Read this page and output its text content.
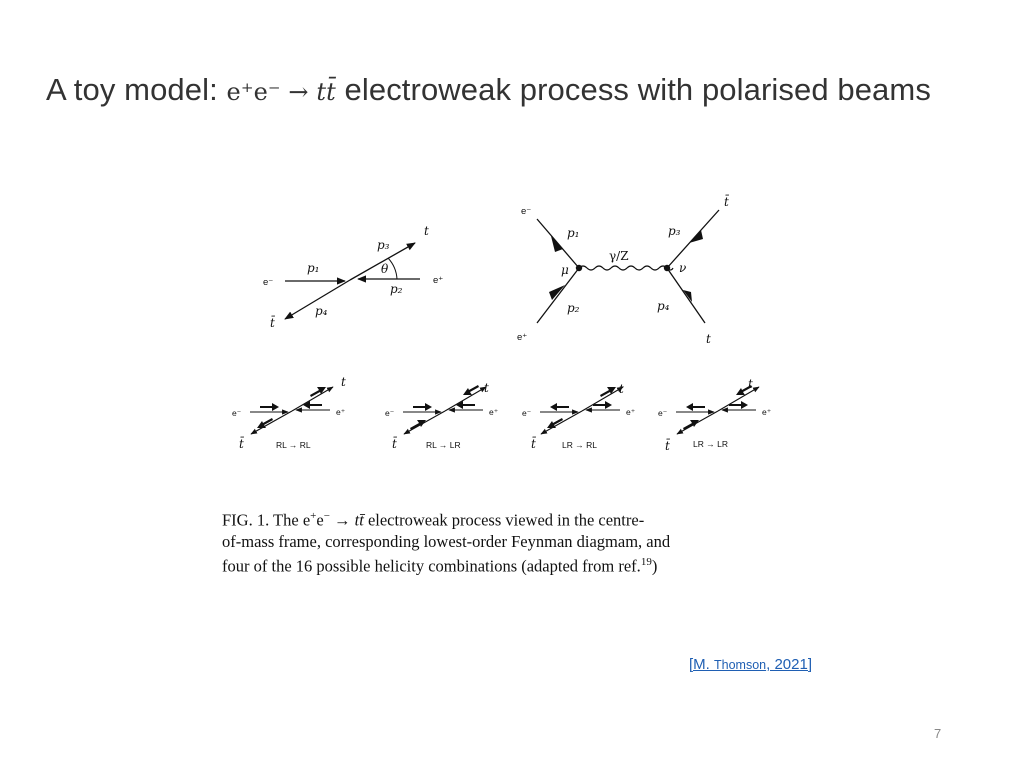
A toy model: e⁺e⁻ → tt̄ electroweak process with polarised beams
e⁻	e⁺
t
t̄
p₁
p₂
p₃
p₄
θ
e⁻
e⁺
t̄
t
p₁
p₂
p₃
p₄
γ/Z
μ	ν
e⁻	e⁺
t
t̄	RL → RL
e⁻	e⁺
t
t̄	RL → LR
e⁻	e⁺
t
t̄	LR → RL
e⁻	e⁺
t
t̄	LR → LR
FIG. 1. The e+e− → tt̄ electroweak process viewed in the centre-
of-mass frame, corresponding lowest-order Feynman diagmam, and
four of the 16 possible helicity combinations (adapted from ref.$^{19}$)
[M. Thomson, 2021]
7
